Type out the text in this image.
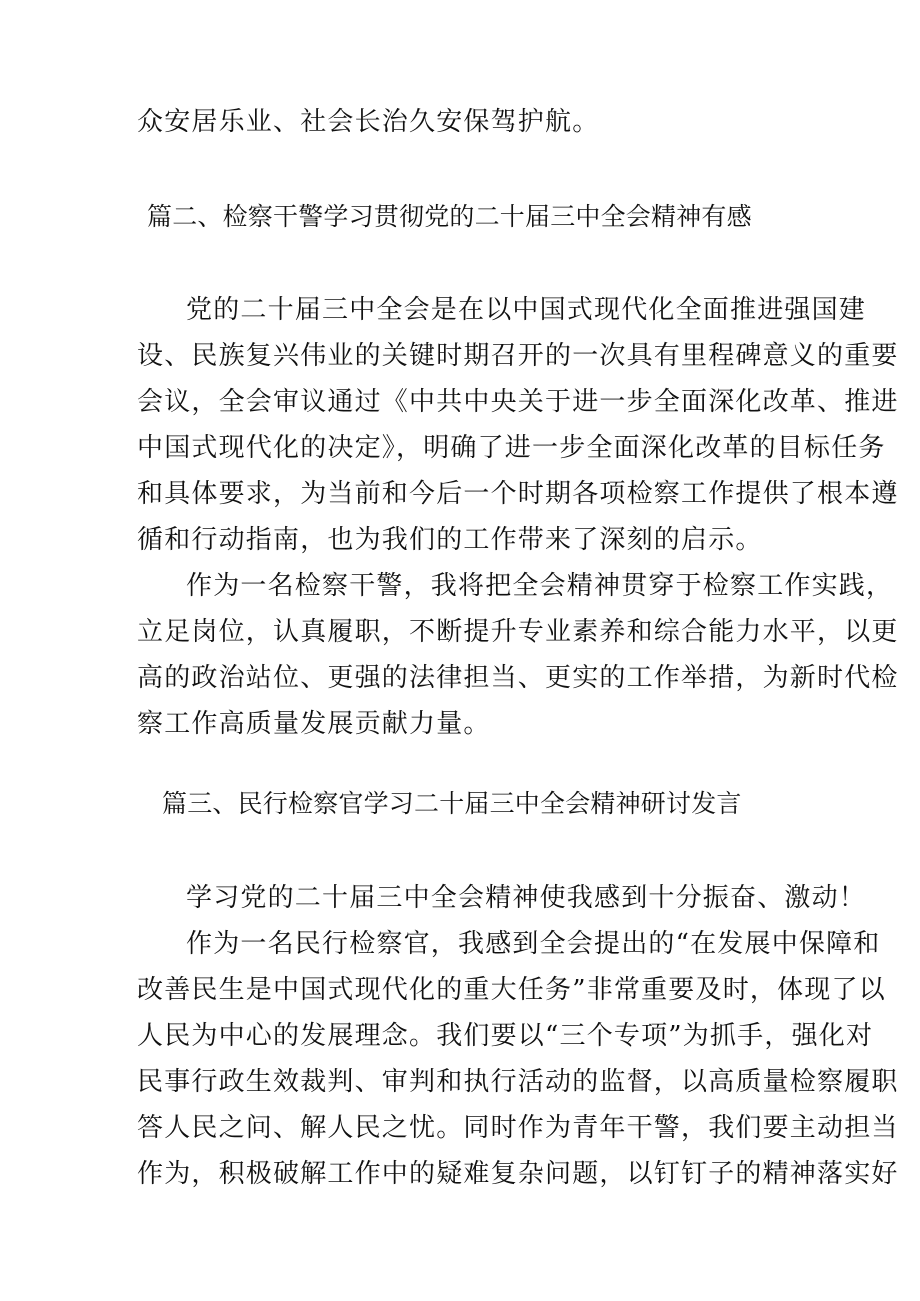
众安居乐业、社会长治久安保驾护航。

篇二、检察干警学习贯彻党的二十届三中全会精神有感

党的二十届三中全会是在以中国式现代化全面推进强国建

设、民族复兴伟业的关键时期召开的一次具有里程碑意义的重要

会议，全会审议通过《中共中央关于进一步全面深化改革、推进

中国式现代化的决定》，明确了进一步全面深化改革的目标任务

和具体要求，为当前和今后一个时期各项检察工作提供了根本遵

循和行动指南，也为我们的工作带来了深刻的启示。

作为一名检察干警，我将把全会精神贯穿于检察工作实践，

立足岗位，认真履职，不断提升专业素养和综合能力水平，以更

高的政治站位、更强的法律担当、更实的工作举措，为新时代检

察工作高质量发展贡献力量。

篇三、民行检察官学习二十届三中全会精神研讨发言

学习党的二十届三中全会精神使我感到十分振奋、激动！

作为一名民行检察官，我感到全会提出的“在发展中保障和

改善民生是中国式现代化的重大任务”非常重要及时，体现了以

人民为中心的发展理念。我们要以“三个专项”为抓手，强化对

民事行政生效裁判、审判和执行活动的监督，以高质量检察履职

答人民之问、解人民之忧。同时作为青年干警，我们要主动担当

作为，积极破解工作中的疑难复杂问题，以钉钉子的精神落实好
